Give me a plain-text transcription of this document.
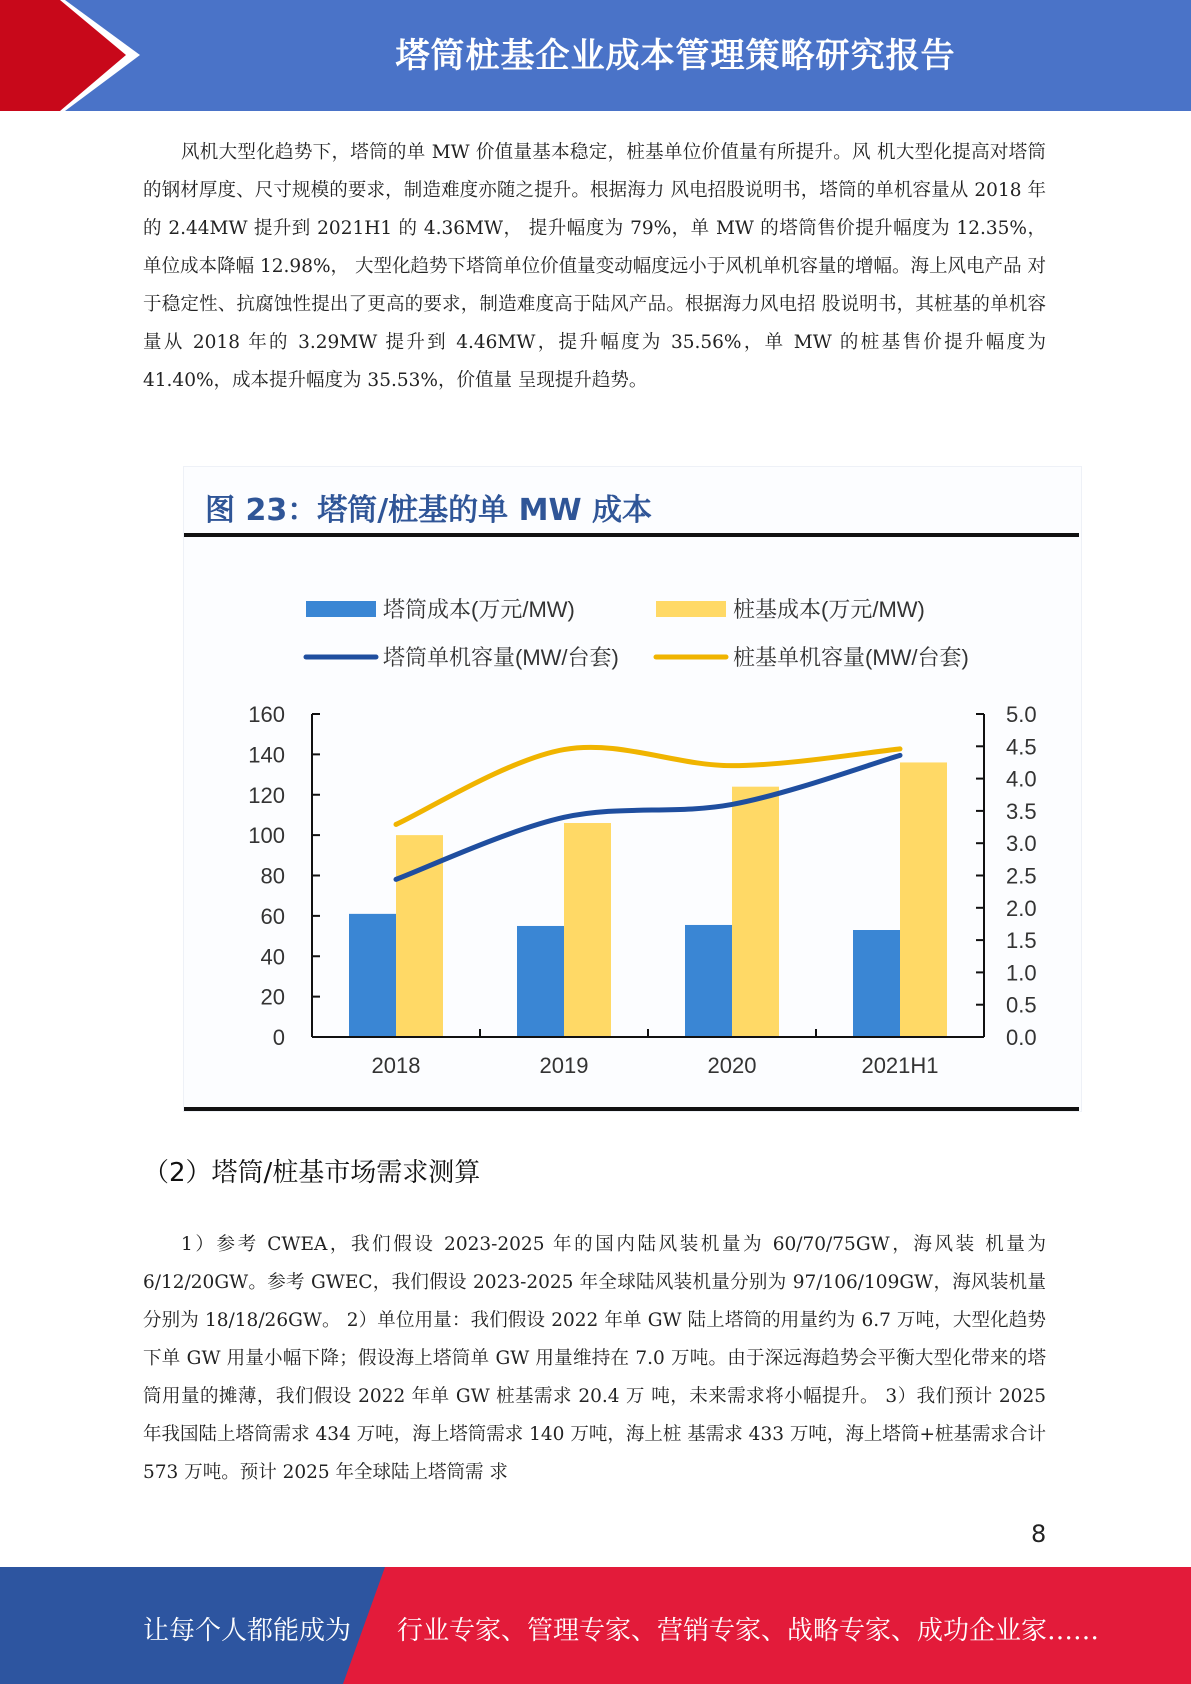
塔筒桩基企业成本管理策略研究报告
风机大型化趋势下，塔筒的单 MW 价值量基本稳定，桩基单位价值量有所提升。风 机大型化提高对塔筒的钢材厚度、尺寸规模的要求，制造难度亦随之提升。根据海力 风电招股说明书，塔筒的单机容量从 2018 年的 2.44MW 提升到 2021H1 的 4.36MW， 提升幅度为 79%，单 MW 的塔筒售价提升幅度为 12.35%，单位成本降幅 12.98%， 大型化趋势下塔筒单位价值量变动幅度远小于风机单机容量的增幅。海上风电产品 对于稳定性、抗腐蚀性提出了更高的要求，制造难度高于陆风产品。根据海力风电招 股说明书，其桩基的单机容量从 2018 年的 3.29MW 提升到 4.46MW，提升幅度为 35.56%，单 MW 的桩基售价提升幅度为 41.40%，成本提升幅度为 35.53%，价值量 呈现提升趋势。
图 23：塔筒/桩基的单 MW 成本
塔筒成本(万元/MW)	桩基成本(万元/MW)
塔筒单机容量(MW/台套)	桩基单机容量(MW/台套)
0
20
40
60
80
100
120
140
160
0.0
0.5
1.0
1.5
2.0
2.5
3.0
3.5
4.0
4.5
5.0
2018	2019	2020	2021H1
（2）塔筒/桩基市场需求测算
1）参考 CWEA，我们假设 2023-2025 年的国内陆风装机量为 60/70/75GW，海风装 机量为 6/12/20GW。参考 GWEC，我们假设 2023-2025 年全球陆风装机量分别为 97/106/109GW，海风装机量分别为 18/18/26GW。 2）单位用量：我们假设 2022 年单 GW 陆上塔筒的用量约为 6.7 万吨，大型化趋势 下单 GW 用量小幅下降；假设海上塔筒单 GW 用量维持在 7.0 万吨。由于深远海趋势会平衡大型化带来的塔筒用量的摊薄，我们假设 2022 年单 GW 桩基需求 20.4 万 吨，未来需求将小幅提升。 3）我们预计 2025 年我国陆上塔筒需求 434 万吨，海上塔筒需求 140 万吨，海上桩 基需求 433 万吨，海上塔筒+桩基需求合计 573 万吨。预计 2025 年全球陆上塔筒需 求
8
让每个人都能成为 行业专家、管理专家、营销专家、战略专家、成功企业家……
